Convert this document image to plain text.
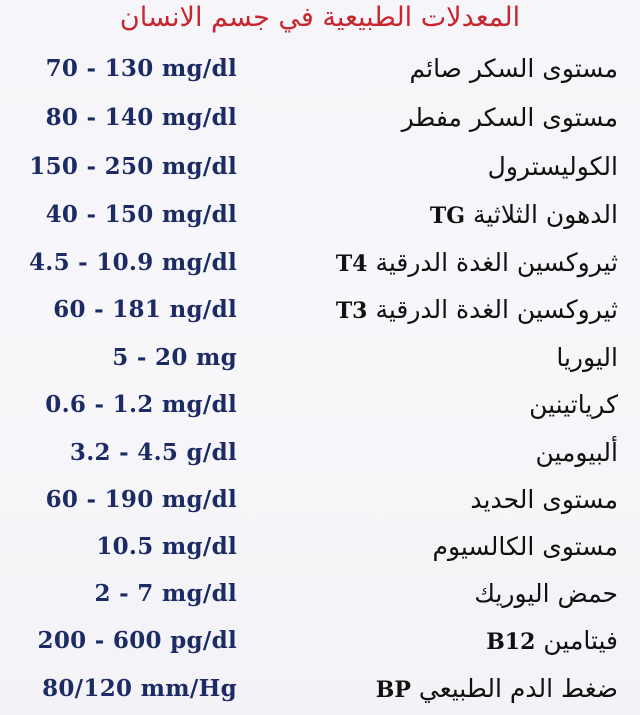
المعدلات الطبيعية في جسم الانسان
70 - 130 mg/dl	مستوى السكر صائم
80 - 140 mg/dl	مستوى السكر مفطر
150 - 250 mg/dl	الكوليسترول
40 - 150 mg/dl	الدهون الثلاثية TG
4.5 - 10.9 mg/dl	ثيروكسين الغدة الدرقية T4
60 - 181 ng/dl	ثيروكسين الغدة الدرقية T3
5 - 20 mg	اليوريا
0.6 - 1.2 mg/dl	كرياتينين
3.2 - 4.5 g/dl	ألبيومين
60 - 190 mg/dl	مستوى الحديد
10.5 mg/dl	مستوى الكالسيوم
2 - 7 mg/dl	حمض اليوريك
200 - 600 pg/dl	فيتامين B12
80/120 mm/Hg	ضغط الدم الطبيعي BP
